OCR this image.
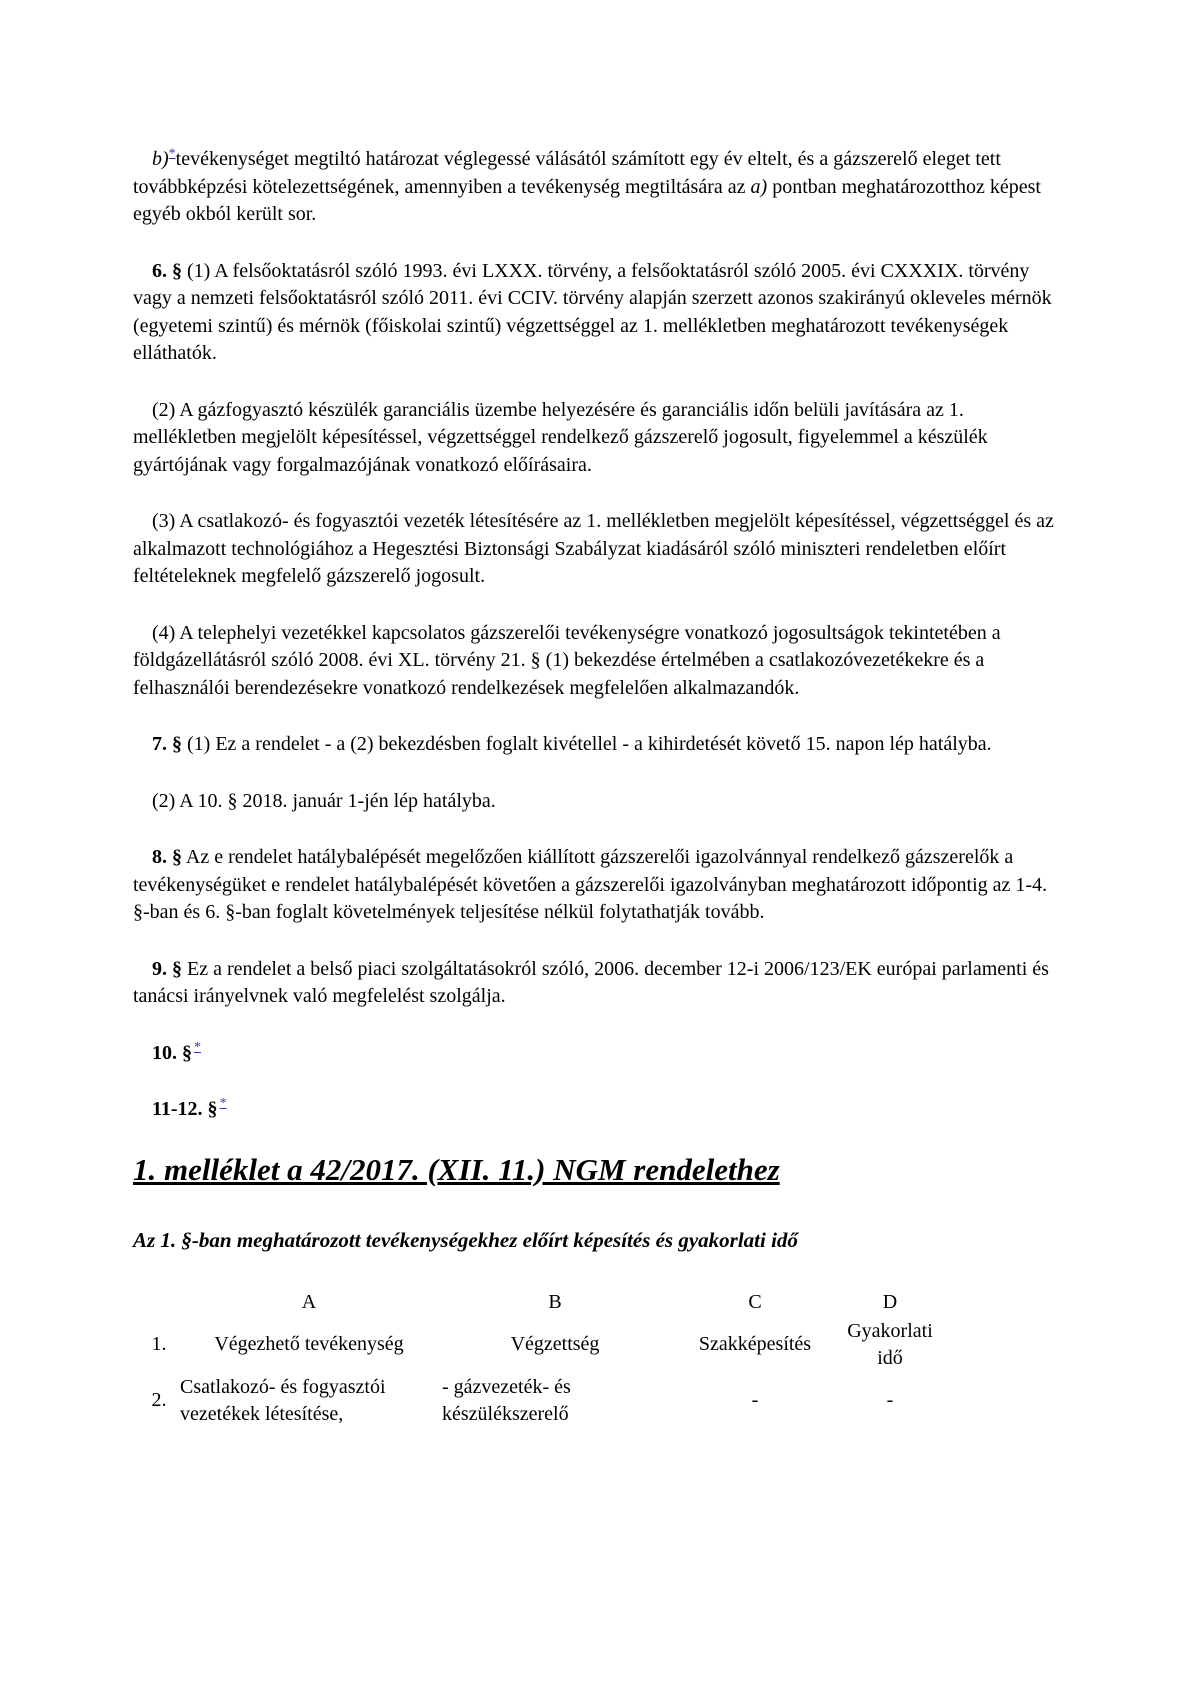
b)*tevékenységet megtiltó határozat véglegessé válásától számított egy év eltelt, és a gázszerelő eleget tett továbbképzési kötelezettségének, amennyiben a tevékenység megtiltására az a) pontban meghatározotthoz képest egyéb okból került sor.

6. § (1) A felsőoktatásról szóló 1993. évi LXXX. törvény, a felsőoktatásról szóló 2005. évi CXXXIX. törvény vagy a nemzeti felsőoktatásról szóló 2011. évi CCIV. törvény alapján szerzett azonos szakirányú okleveles mérnök (egyetemi szintű) és mérnök (főiskolai szintű) végzettséggel az 1. mellékletben meghatározott tevékenységek elláthatók.

(2) A gázfogyasztó készülék garanciális üzembe helyezésére és garanciális időn belüli javítására az 1. mellékletben megjelölt képesítéssel, végzettséggel rendelkező gázszerelő jogosult, figyelemmel a készülék gyártójának vagy forgalmazójának vonatkozó előírásaira.

(3) A csatlakozó- és fogyasztói vezeték létesítésére az 1. mellékletben megjelölt képesítéssel, végzettséggel és az alkalmazott technológiához a Hegesztési Biztonsági Szabályzat kiadásáról szóló miniszteri rendeletben előírt feltételeknek megfelelő gázszerelő jogosult.

(4) A telephelyi vezetékkel kapcsolatos gázszerelői tevékenységre vonatkozó jogosultságok tekintetében a földgázellátásról szóló 2008. évi XL. törvény 21. § (1) bekezdése értelmében a csatlakozóvezetékekre és a felhasználói berendezésekre vonatkozó rendelkezések megfelelően alkalmazandók.

7. § (1) Ez a rendelet - a (2) bekezdésben foglalt kivétellel - a kihirdetését követő 15. napon lép hatályba.

(2) A 10. § 2018. január 1-jén lép hatályba.

8. § Az e rendelet hatálybalépését megelőzően kiállított gázszerelői igazolvánnyal rendelkező gázszerelők a tevékenységüket e rendelet hatálybalépését követően a gázszerelői igazolványban meghatározott időpontig az 1-4. §-ban és 6. §-ban foglalt követelmények teljesítése nélkül folytathatják tovább.

9. § Ez a rendelet a belső piaci szolgáltatásokról szóló, 2006. december 12-i 2006/123/EK európai parlamenti és tanácsi irányelvnek való megfelelést szolgálja.

10. § *

11-12. § *

1. melléklet a 42/2017. (XII. 11.) NGM rendelethez
Az 1. §-ban meghatározott tevékenységekhez előírt képesítés és gyakorlati idő
	A	B	C	D
1.	Végezhető tevékenység	Végzettség	Szakképesítés	Gyakorlati idő
2.	Csatlakozó- és fogyasztói vezetékek létesítése,	- gázvezeték- és készülékszerelő	-	-
